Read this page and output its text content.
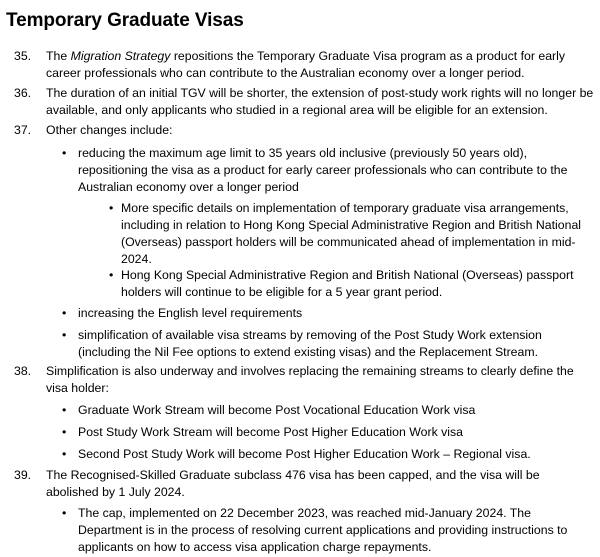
Temporary Graduate Visas
35. The Migration Strategy repositions the Temporary Graduate Visa program as a product for early career professionals who can contribute to the Australian economy over a longer period.
36. The duration of an initial TGV will be shorter, the extension of post-study work rights will no longer be available, and only applicants who studied in a regional area will be eligible for an extension.
37. Other changes include:
• reducing the maximum age limit to 35 years old inclusive (previously 50 years old), repositioning the visa as a product for early career professionals who can contribute to the Australian economy over a longer period
• More specific details on implementation of temporary graduate visa arrangements, including in relation to Hong Kong Special Administrative Region and British National (Overseas) passport holders will be communicated ahead of implementation in mid-2024.
• Hong Kong Special Administrative Region and British National (Overseas) passport holders will continue to be eligible for a 5 year grant period.
• increasing the English level requirements
• simplification of available visa streams by removing of the Post Study Work extension (including the Nil Fee options to extend existing visas) and the Replacement Stream.
38. Simplification is also underway and involves replacing the remaining streams to clearly define the visa holder:
• Graduate Work Stream will become Post Vocational Education Work visa
• Post Study Work Stream will become Post Higher Education Work visa
• Second Post Study Work will become Post Higher Education Work – Regional visa.
39. The Recognised-Skilled Graduate subclass 476 visa has been capped, and the visa will be abolished by 1 July 2024.
• The cap, implemented on 22 December 2023, was reached mid-January 2024. The Department is in the process of resolving current applications and providing instructions to applicants on how to access visa application charge repayments.
